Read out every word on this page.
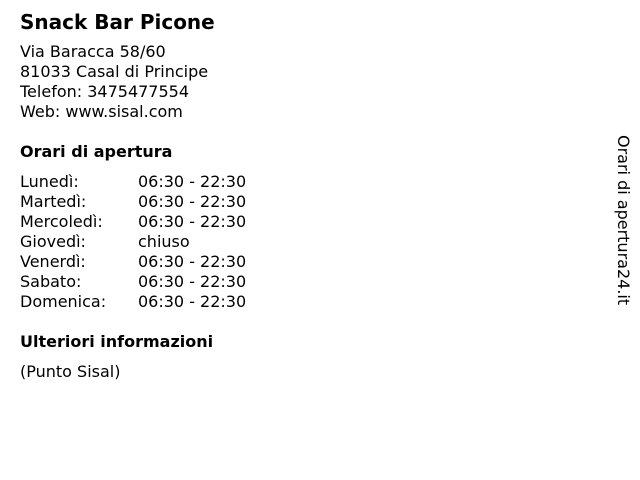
Snack Bar Picone
Via Baracca 58/60
81033 Casal di Principe
Telefon: 3475477554
Web: www.sisal.com
Orari di apertura
Lunedì:	06:30 - 22:30
Martedì:	06:30 - 22:30
Mercoledì:	06:30 - 22:30
Giovedì:	chiuso
Venerdì:	06:30 - 22:30
Sabato:	06:30 - 22:30
Domenica:	06:30 - 22:30
Ulteriori informazioni
(Punto Sisal)
Orari di apertura24.it
